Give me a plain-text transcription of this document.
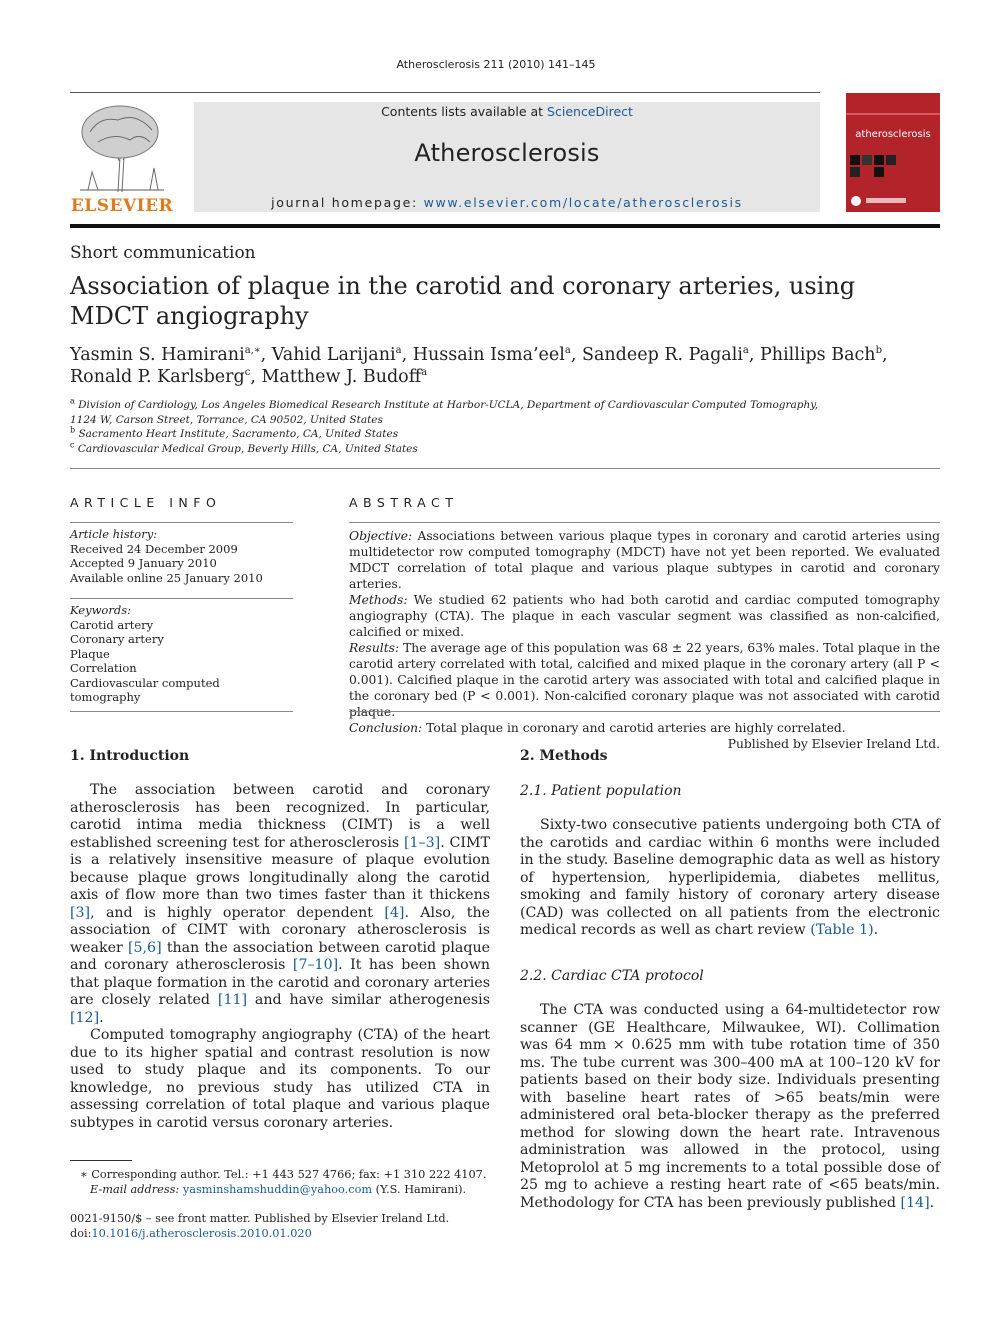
Atherosclerosis 211 (2010) 141–145
ELSEVIER
Contents lists available at ScienceDirect
Atherosclerosis
journal homepage: www.elsevier.com/locate/atherosclerosis
atherosclerosis
Short communication
Association of plaque in the carotid and coronary arteries, using MDCT angiography
Yasmin S. Hamirani$^{a,∗}$, Vahid Larijani$^a$, Hussain Isma’eel$^a$, Sandeep R. Pagali$^a$, Phillips Bach$^b$,
Ronald P. Karlsberg$^c$, Matthew J. Budoff$^a$
$^a$ Division of Cardiology, Los Angeles Biomedical Research Institute at Harbor-UCLA, Department of Cardiovascular Computed Tomography,
1124 W, Carson Street, Torrance, CA 90502, United States
$^b$ Sacramento Heart Institute, Sacramento, CA, United States
$^c$ Cardiovascular Medical Group, Beverly Hills, CA, United States
ARTICLE INFO
Article history:
Received 24 December 2009
Accepted 9 January 2010
Available online 25 January 2010
Keywords:
Carotid artery
Coronary artery
Plaque
Correlation
Cardiovascular computed tomography
ABSTRACT

Objective: Associations between various plaque types in coronary and carotid arteries using multidetector row computed tomography (MDCT) have not yet been reported. We evaluated MDCT correlation of total plaque and various plaque subtypes in carotid and coronary arteries.

Methods: We studied 62 patients who had both carotid and cardiac computed tomography angiography (CTA). The plaque in each vascular segment was classified as non-calcified, calcified or mixed.

Results: The average age of this population was 68 ± 22 years, 63% males. Total plaque in the carotid artery correlated with total, calcified and mixed plaque in the coronary artery (all P < 0.001). Calcified plaque in the carotid artery was associated with total and calcified plaque in the coronary bed (P < 0.001). Non-calcified coronary plaque was not associated with carotid plaque.

Conclusion: Total plaque in coronary and carotid arteries are highly correlated.

Published by Elsevier Ireland Ltd.

1. Introduction

The association between carotid and coronary atherosclerosis has been recognized. In particular, carotid intima media thickness (CIMT) is a well established screening test for atherosclerosis [1–3]. CIMT is a relatively insensitive measure of plaque evolution because plaque grows longitudinally along the carotid axis of flow more than two times faster than it thickens [3], and is highly operator dependent [4]. Also, the association of CIMT with coronary atherosclerosis is weaker [5,6] than the association between carotid plaque and coronary atherosclerosis [7–10]. It has been shown that plaque formation in the carotid and coronary arteries are closely related [11] and have similar atherogenesis [12].

Computed tomography angiography (CTA) of the heart due to its higher spatial and contrast resolution is now used to study plaque and its components. To our knowledge, no previous study has utilized CTA in assessing correlation of total plaque and various plaque subtypes in carotid versus coronary arteries.

2. Methods
2.1. Patient population

Sixty-two consecutive patients undergoing both CTA of the carotids and cardiac within 6 months were included in the study. Baseline demographic data as well as history of hypertension, hyperlipidemia, diabetes mellitus, smoking and family history of coronary artery disease (CAD) was collected on all patients from the electronic medical records as well as chart review (Table 1).

2.2. Cardiac CTA protocol

The CTA was conducted using a 64-multidetector row scanner (GE Healthcare, Milwaukee, WI). Collimation was 64 mm × 0.625 mm with tube rotation time of 350 ms. The tube current was 300–400 mA at 100–120 kV for patients based on their body size. Individuals presenting with baseline heart rates of >65 beats/min were administered oral beta-blocker therapy as the preferred method for slowing down the heart rate. Intravenous administration was allowed in the protocol, using Metoprolol at 5 mg increments to a total possible dose of 25 mg to achieve a resting heart rate of <65 beats/min. Methodology for CTA has been previously published [14].

∗ Corresponding author. Tel.: +1 443 527 4766; fax: +1 310 222 4107.
E-mail address: yasminshamshuddin@yahoo.com (Y.S. Hamirani).
0021-9150/$ – see front matter. Published by Elsevier Ireland Ltd.
doi:10.1016/j.atherosclerosis.2010.01.020
